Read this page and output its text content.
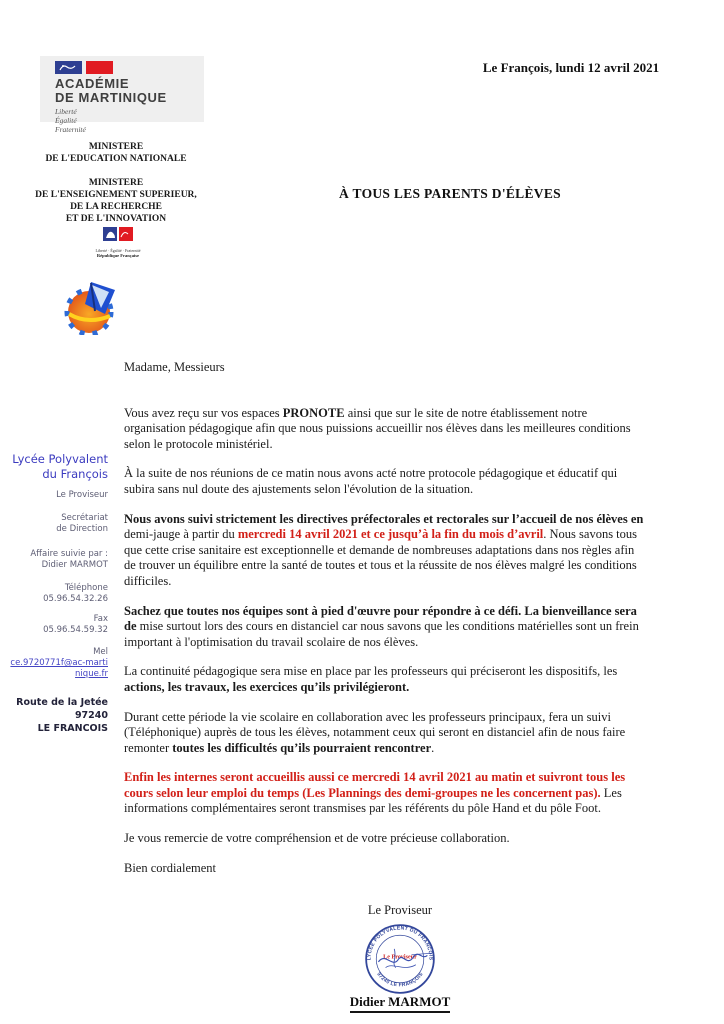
ACADÉMIE
DE MARTINIQUE
Liberté
Égalité
Fraternité
MINISTERE
DE L'EDUCATION NATIONALE
MINISTERE
DE L'ENSEIGNEMENT SUPERIEUR,
DE LA RECHERCHE
ET DE L'INNOVATION
Liberté · Égalité · Fraternité
République Française
Le François, lundi 12 avril 2021
À TOUS LES PARENTS D'ÉLÈVES
Lycée Polyvalent
du François
Le Proviseur
Secrétariat
de Direction
Affaire suivie par :
Didier MARMOT
Téléphone
05.96.54.32.26
Fax
05.96.54.59.32
Mel
ce.9720771f@ac-martinique.fr
Route de la Jetée
97240
LE FRANCOIS

Madame, Messieurs

Vous avez reçu sur vos espaces PRONOTE ainsi que sur le site de notre établissement notre organisation pédagogique afin que nous puissions accueillir nos élèves dans les meilleures conditions selon le protocole ministériel.

À la suite de nos réunions de ce matin nous avons acté notre protocole pédagogique et éducatif qui subira sans nul doute des ajustements selon l'évolution de la situation.

Nous avons suivi strictement les directives préfectorales et rectorales sur l’accueil de nos élèves en demi-jauge à partir du mercredi 14 avril 2021 et ce jusqu’à la fin du mois d’avril. Nous savons tous que cette crise sanitaire est exceptionnelle et demande de nombreuses adaptations dans nos règles afin de trouver un équilibre entre la santé de toutes et tous et la réussite de nos élèves malgré les conditions difficiles.

Sachez que toutes nos équipes sont à pied d'œuvre pour répondre à ce défi. La bienveillance sera de mise surtout lors des cours en distanciel car nous savons que les conditions matérielles sont un frein important à l'optimisation du travail scolaire de nos élèves.

La continuité pédagogique sera mise en place par les professeurs qui préciseront les dispositifs, les actions, les travaux, les exercices qu’ils privilégieront.

Durant cette période la vie scolaire en collaboration avec les professeurs principaux, fera un suivi (Téléphonique) auprès de tous les élèves, notamment ceux qui seront en distanciel afin de nous faire remonter toutes les difficultés qu’ils pourraient rencontrer.

Enfin les internes seront accueillis aussi ce mercredi 14 avril 2021 au matin et suivront tous les cours selon leur emploi du temps (Les Plannings des demi-groupes ne les concernent pas). Les informations complémentaires seront transmises par les référents du pôle Hand et du pôle Foot.

Je vous remercie de votre compréhension et de votre précieuse collaboration.

Bien cordialement

Le Proviseur
LYCEE POLYVALENT DU FRANCOIS
97240 LE FRANÇOIS
Le Proviseur
Didier MARMOT
